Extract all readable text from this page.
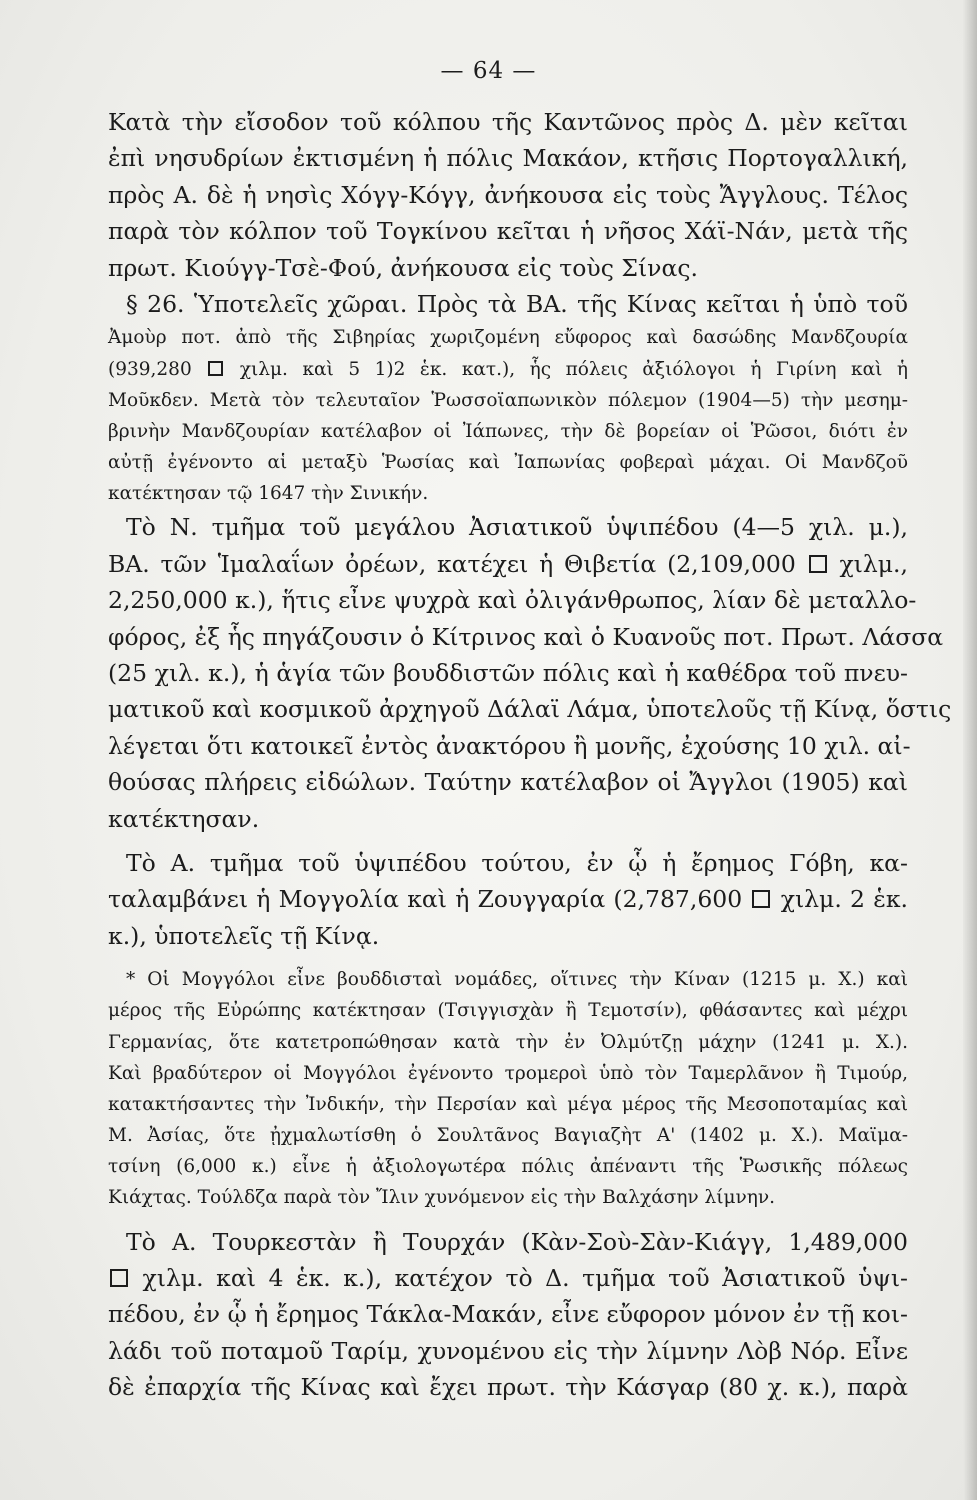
— 64 —
Κατὰ τὴν εἴσοδον τοῦ κόλπου τῆς Καντῶνος πρὸς Δ. μὲν κεῖται
ἐπὶ νησυδρίων ἐκτισμένη ἡ πόλις Μακάον, κτῆσις Πορτογαλλική,
πρὸς Α. δὲ ἡ νησὶς Χόγγ-Κόγγ, ἀνήκουσα εἰς τοὺς Ἄγγλους. Τέλος
παρὰ τὸν κόλπον τοῦ Τογκίνου κεῖται ἡ νῆσος Χάϊ-Νάν, μετὰ τῆς
πρωτ. Κιούγγ-Τσὲ-Φού, ἀνήκουσα εἰς τοὺς Σίνας.
§ 26. Ὑποτελεῖς χῶραι. Πρὸς τὰ ΒΑ. τῆς Κίνας κεῖται ἡ ὑπὸ τοῦ
Ἀμοὺρ ποτ. ἀπὸ τῆς Σιβηρίας χωριζομένη εὔφορος καὶ δασώδης Μανδζουρία
(939,280	χιλμ. καὶ 5 1)2 ἑκ. κατ.), ἧς πόλεις ἀξιόλογοι ἡ Γιρίνη καὶ ἡ
Μοῦκδεν. Μετὰ τὸν τελευταῖον Ῥωσσοϊαπωνικὸν πόλεμον (1904—5) τὴν μεσημ-
βρινὴν Μανδζουρίαν κατέλαβον οἱ Ἰάπωνες, τὴν δὲ βορείαν οἱ Ῥῶσοι, διότι ἐν
αὐτῇ ἐγένοντο αἱ μεταξὺ Ῥωσίας καὶ Ἰαπωνίας φοβεραὶ μάχαι. Οἱ Μανδζοῦ
κατέκτησαν τῷ 1647 τὴν Σινικήν.
Τὸ Ν. τμῆμα τοῦ μεγάλου Ἀσιατικοῦ ὑψιπέδου (4—5 χιλ. μ.),
ΒΑ. τῶν Ἱμαλαΐων ὀρέων, κατέχει ἡ Θιβετία (2,109,000 χιλμ.,
2,250,000 κ.), ἥτις εἶνε ψυχρὰ καὶ ὀλιγάνθρωπος, λίαν δὲ μεταλλο-
φόρος, ἐξ ἧς πηγάζουσιν ὁ Κίτρινος καὶ ὁ Κυανοῦς ποτ. Πρωτ. Λάσσα
(25 χιλ. κ.), ἡ ἁγία τῶν βουδδιστῶν πόλις καὶ ἡ καθέδρα τοῦ πνευ-
ματικοῦ καὶ κοσμικοῦ ἀρχηγοῦ Δάλαϊ Λάμα, ὑποτελοῦς τῇ Κίνᾳ, ὅστις
λέγεται ὅτι κατοικεῖ ἐντὸς ἀνακτόρου ἢ μονῆς, ἐχούσης 10 χιλ. αἰ-
θούσας πλήρεις εἰδώλων. Ταύτην κατέλαβον οἱ Ἄγγλοι (1905) καὶ
κατέκτησαν.
Τὸ Α. τμῆμα τοῦ ὑψιπέδου τούτου, ἐν ᾧ ἡ ἔρημος Γόβη, κα-
ταλαμβάνει ἡ Μογγολία καὶ ἡ Ζουγγαρία (2,787,600 χιλμ. 2 ἑκ.
κ.), ὑποτελεῖς τῇ Κίνᾳ.
* Οἱ Μογγόλοι εἶνε βουδδισταὶ νομάδες, οἵτινες τὴν Κίναν (1215 μ. Χ.) καὶ
μέρος τῆς Εὐρώπης κατέκτησαν (Τσιγγισχὰν ἢ Τεμοτσίν), φθάσαντες καὶ μέχρι
Γερμανίας, ὅτε κατετροπώθησαν κατὰ τὴν ἐν Ὀλμύτζῃ μάχην (1241 μ. Χ.).
Καὶ βραδύτερον οἱ Μογγόλοι ἐγένοντο τρομεροὶ ὑπὸ τὸν Ταμερλᾶνον ἢ Τιμούρ,
κατακτήσαντες τὴν Ἰνδικήν, τὴν Περσίαν καὶ μέγα μέρος τῆς Μεσοποταμίας καὶ
Μ. Ἀσίας, ὅτε ᾐχμαλωτίσθη ὁ Σουλτᾶνος Βαγιαζὴτ Α' (1402 μ. Χ.). Μαϊμα-
τσίνη (6,000 κ.) εἶνε ἡ ἀξιολογωτέρα πόλις ἀπέναντι τῆς Ῥωσικῆς πόλεως
Κιάχτας. Τούλδζα παρὰ τὸν Ἴλιν χυνόμενον εἰς τὴν Βαλχάσην λίμνην.
Τὸ Α. Τουρκεστὰν ἢ Τουρχάν (Κὰν-Σοὺ-Σὰν-Κιάγγ, 1,489,000
χιλμ. καὶ 4 ἑκ. κ.), κατέχον τὸ Δ. τμῆμα τοῦ Ἀσιατικοῦ ὑψι-
πέδου, ἐν ᾧ ἡ ἔρημος Τάκλα-Μακάν, εἶνε εὔφορον μόνον ἐν τῇ κοι-
λάδι τοῦ ποταμοῦ Ταρίμ, χυνομένου εἰς τὴν λίμνην Λὸβ Νόρ. Εἶνε
δὲ ἐπαρχία τῆς Κίνας καὶ ἔχει πρωτ. τὴν Κάσγαρ (80 χ. κ.), παρὰ
